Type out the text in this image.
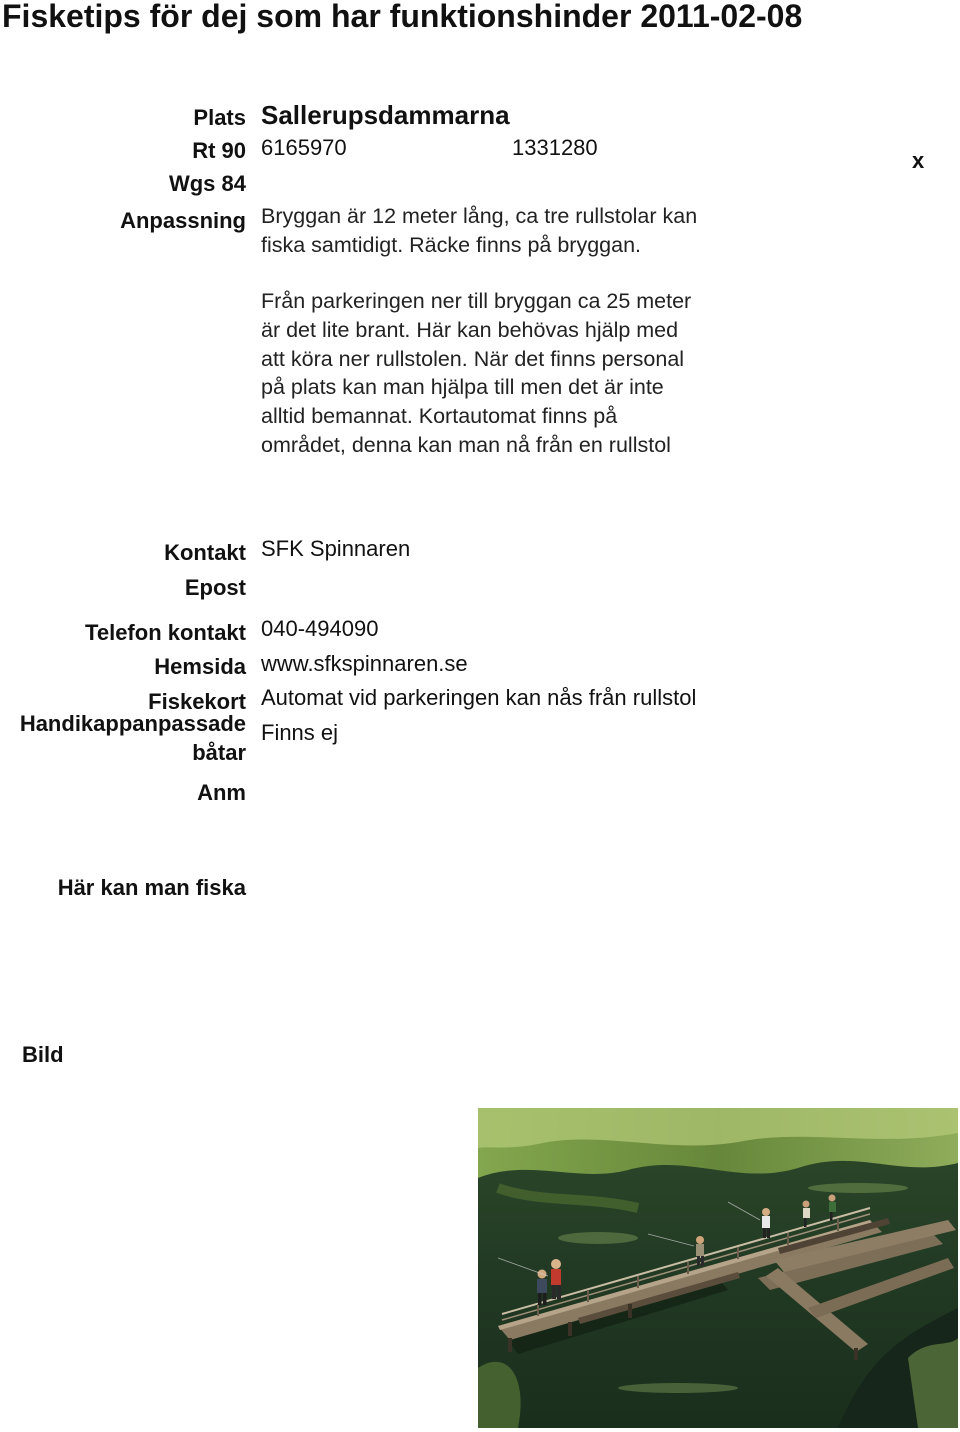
Fisketips för dej som har funktionshinder 2011-02-08
x
Plats Sallerupsdammarna
Rt 90 6165970	1331280
Wgs 84
Anpassning Bryggan är 12 meter lång, ca tre rullstolar kan fiska samtidigt. Räcke finns på bryggan.
Från parkeringen ner till bryggan ca 25 meter är det lite brant. Här kan behövas hjälp med att köra ner rullstolen. När det finns personal på plats kan man hjälpa till men det är inte alltid bemannat. Kortautomat finns på området, denna kan man nå från en rullstol
Kontakt SFK Spinnaren
Epost
Telefon kontakt 040-494090
Hemsida www.sfkspinnaren.se
Fiskekort Automat vid parkeringen kan nås från rullstol
Handikappanpassade
båtar
Finns ej
Anm
Här kan man fiska
Bild
